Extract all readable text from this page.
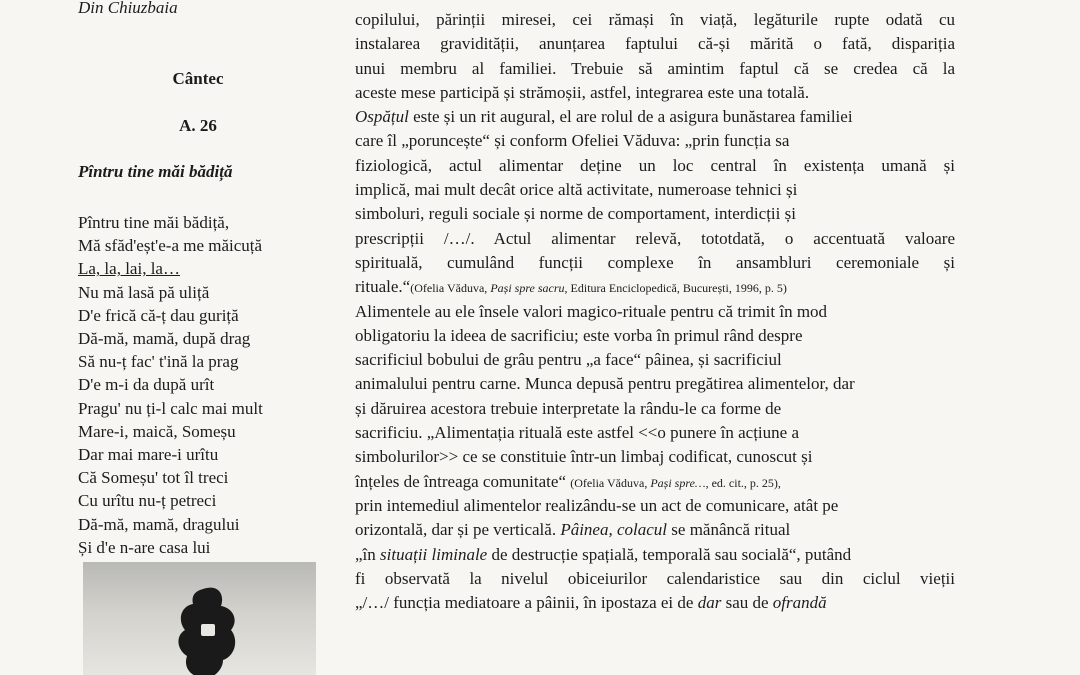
Din Chiuzbaia
Cântec
A. 26
Pîntru tine măi bădiță
Pîntru tine măi bădiță,
Mă sfăd'eșt'e-a me măicuță
La, la, lai, la…
Nu mă lasă pă uliță
D'e frică că-ț dau guriță
Dă-mă, mamă, după drag
Să nu-ț fac' t'ină la prag
D'e m-i da după urît
Pragu' nu ți-l calc mai mult
Mare-i, maică, Someșu
Dar mai mare-i urîtu
Că Someșu' tot îl treci
Cu urîtu nu-ț petreci
Dă-mă, mamă, dragului
Și d'e n-are casa lui
copilului, părinții miresei, cei rămași în viață, legăturile rupte odată cu
instalarea gravidității, anunțarea faptului că-și mărită o fată, dispariția
unui membru al familiei. Trebuie să amintim faptul că se credea că la
aceste mese participă și strămoșii, astfel, integrarea este una totală.
Ospățul este și un rit augural, el are rolul de a asigura bunăstarea familiei
care îl „poruncește“ și conform Ofeliei Văduva: „prin funcția sa
fiziologică, actul alimentar deține un loc central în existența umană și
implică, mai mult decât orice altă activitate, numeroase tehnici și
simboluri, reguli sociale și norme de comportament, interdicții și
prescripții /…/. Actul alimentar relevă, tototdată, o accentuată valoare
spirituală, cumulând funcții complexe în ansambluri ceremoniale și
rituale.“(Ofelia Văduva, Pași spre sacru, Editura Enciclopedică, București, 1996, p. 5)
Alimentele au ele însele valori magico-rituale pentru că trimit în mod
obligatoriu la ideea de sacrificiu; este vorba în primul rând despre
sacrificiul bobului de grâu pentru „a face“ pâinea, și sacrificiul
animalului pentru carne. Munca depusă pentru pregătirea alimentelor, dar
și dăruirea acestora trebuie interpretate la rându-le ca forme de
sacrificiu. „Alimentația rituală este astfel <<o punere în acțiune a
simbolurilor>> ce se constituie într-un limbaj codificat, cunoscut și
înțeles de întreaga comunitate“ (Ofelia Văduva, Pași spre…, ed. cit., p. 25),
prin intemediul alimentelor realizându-se un act de comunicare, atât pe
orizontală, dar și pe verticală. Pâinea, colacul se mănâncă ritual
„în situații liminale de destrucție spațială, temporală sau socială“, putând
fi observată la nivelul obiceiurilor calendaristice sau din ciclul vieții
„/…/ funcția mediatoare a pâinii, în ipostaza ei de dar sau de ofrandă
